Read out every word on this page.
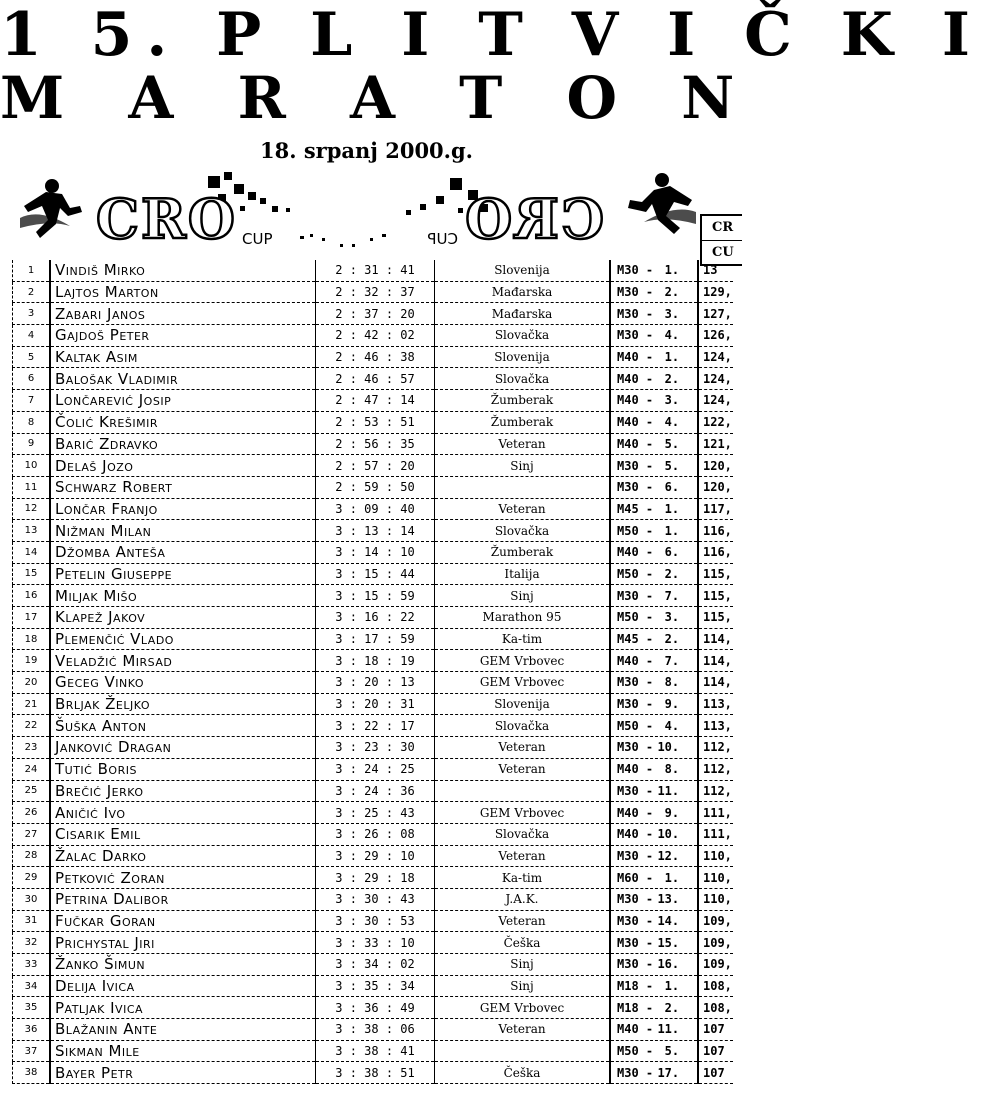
1 5. P L I T V I Č K I
M A R A T O N
18. srpanj 2000.g.
CRO CUP	CRO
CUP
CR
CU
1	Vindiš Mirko	2 : 31 : 41	Slovenija	M30 - 1.	13
2	Lajtos Marton	2 : 32 : 37	Mađarska	M30 - 2.	129,
3	Zabari Janos	2 : 37 : 20	Mađarska	M30 - 3.	127,
4	Gajdoš Peter	2 : 42 : 02	Slovačka	M30 - 4.	126,
5	Kaltak Asim	2 : 46 : 38	Slovenija	M40 - 1.	124,
6	Balošak Vladimir	2 : 46 : 57	Slovačka	M40 - 2.	124,
7	Lončarević Josip	2 : 47 : 14	Žumberak	M40 - 3.	124,
8	Čolić Krešimir	2 : 53 : 51	Žumberak	M40 - 4.	122,
9	Barić Zdravko	2 : 56 : 35	Veteran	M40 - 5.	121,
10	Delaš Jozo	2 : 57 : 20	Sinj	M30 - 5.	120,
11	Schwarz Robert	2 : 59 : 50		M30 - 6.	120,
12	Lončar Franjo	3 : 09 : 40	Veteran	M45 - 1.	117,
13	Nižman Milan	3 : 13 : 14	Slovačka	M50 - 1.	116,
14	Džomba Anteša	3 : 14 : 10	Žumberak	M40 - 6.	116,
15	Petelin Giuseppe	3 : 15 : 44	Italija	M50 - 2.	115,
16	Miljak Mišo	3 : 15 : 59	Sinj	M30 - 7.	115,
17	Klapež Jakov	3 : 16 : 22	Marathon 95	M50 - 3.	115,
18	Plemenčić Vlado	3 : 17 : 59	Ka-tim	M45 - 2.	114,
19	Veladžić Mirsad	3 : 18 : 19	GEM Vrbovec	M40 - 7.	114,
20	Geceg Vinko	3 : 20 : 13	GEM Vrbovec	M30 - 8.	114,
21	Brljak Željko	3 : 20 : 31	Slovenija	M30 - 9.	113,
22	Šuška Anton	3 : 22 : 17	Slovačka	M50 - 4.	113,
23	Janković Dragan	3 : 23 : 30	Veteran	M30 - 10.	112,
24	Tutić Boris	3 : 24 : 25	Veteran	M40 - 8.	112,
25	Brečić Jerko	3 : 24 : 36		M30 - 11.	112,
26	Aničić Ivo	3 : 25 : 43	GEM Vrbovec	M40 - 9.	111,
27	Cisarik Emil	3 : 26 : 08	Slovačka	M40 - 10.	111,
28	Žalac Darko	3 : 29 : 10	Veteran	M30 - 12.	110,
29	Petković Zoran	3 : 29 : 18	Ka-tim	M60 - 1.	110,
30	Petrina Dalibor	3 : 30 : 43	J.A.K.	M30 - 13.	110,
31	Fučkar Goran	3 : 30 : 53	Veteran	M30 - 14.	109,
32	Prichystal Jiri	3 : 33 : 10	Češka	M30 - 15.	109,
33	Žanko Šimun	3 : 34 : 02	Sinj	M30 - 16.	109,
34	Delija Ivica	3 : 35 : 34	Sinj	M18 - 1.	108,
35	Patljak Ivica	3 : 36 : 49	GEM Vrbovec	M18 - 2.	108,
36	Blažanin Ante	3 : 38 : 06	Veteran	M40 - 11.	107
37	Sikman Mile	3 : 38 : 41		M50 - 5.	107
38	Bayer Petr	3 : 38 : 51	Češka	M30 - 17.	107
